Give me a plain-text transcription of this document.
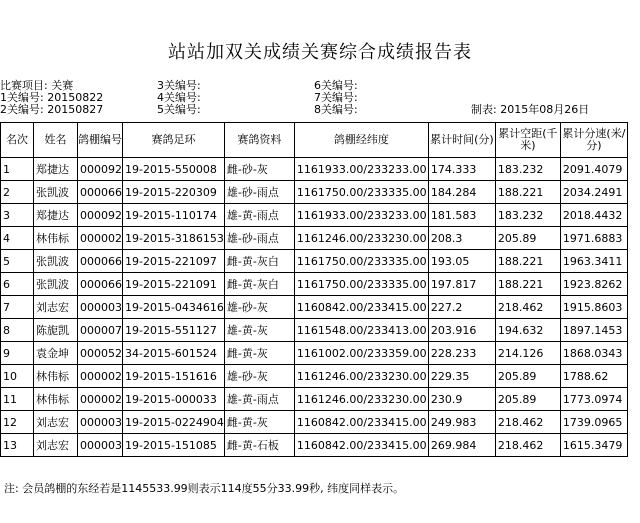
站站加双关成绩关赛综合成绩报告表
比赛项目: 关赛
1关编号: 20150822
2关编号: 20150827
3关编号:
4关编号:
5关编号:
6关编号:
7关编号:
8关编号:	制表: 2015年08月26日
名次	姓名	鸽棚编号	赛鸽足环	赛鸽资料	鸽棚经纬度	累计时间(分)	累计空距(千米)	累计分速(米/分)
1	郑捷达	000092	19-2015-550008	雌-砂-灰	1161933.00/233233.00	174.333	183.232	2091.4079
2	张凯波	000066	19-2015-220309	雄-砂-雨点	1161750.00/233335.00	184.284	188.221	2034.2491
3	郑捷达	000092	19-2015-110174	雄-黄-雨点	1161933.00/233233.00	181.583	183.232	2018.4432
4	林伟标	000002	19-2015-3186153	雄-砂-雨点	1161246.00/233230.00	208.3	205.89	1971.6883
5	张凯波	000066	19-2015-221097	雌-黄-灰白	1161750.00/233335.00	193.05	188.221	1963.3411
6	张凯波	000066	19-2015-221091	雌-黄-灰白	1161750.00/233335.00	197.817	188.221	1923.8262
7	刘志宏	000003	19-2015-0434616	雄-砂-灰	1160842.00/233415.00	227.2	218.462	1915.8603
8	陈旎凯	000007	19-2015-551127	雄-黄-灰	1161548.00/233413.00	203.916	194.632	1897.1453
9	袁金坤	000052	34-2015-601524	雌-黄-灰	1161002.00/233359.00	228.233	214.126	1868.0343
10	林伟标	000002	19-2015-151616	雄-砂-灰	1161246.00/233230.00	229.35	205.89	1788.62
11	林伟标	000002	19-2015-000033	雄-黄-雨点	1161246.00/233230.00	230.9	205.89	1773.0974
12	刘志宏	000003	19-2015-0224904	雌-黄-灰	1160842.00/233415.00	249.983	218.462	1739.0965
13	刘志宏	000003	19-2015-151085	雌-黄-石板	1160842.00/233415.00	269.984	218.462	1615.3479
注: 会员鸽棚的东经若是1145533.99则表示114度55分33.99秒, 纬度同样表示。
